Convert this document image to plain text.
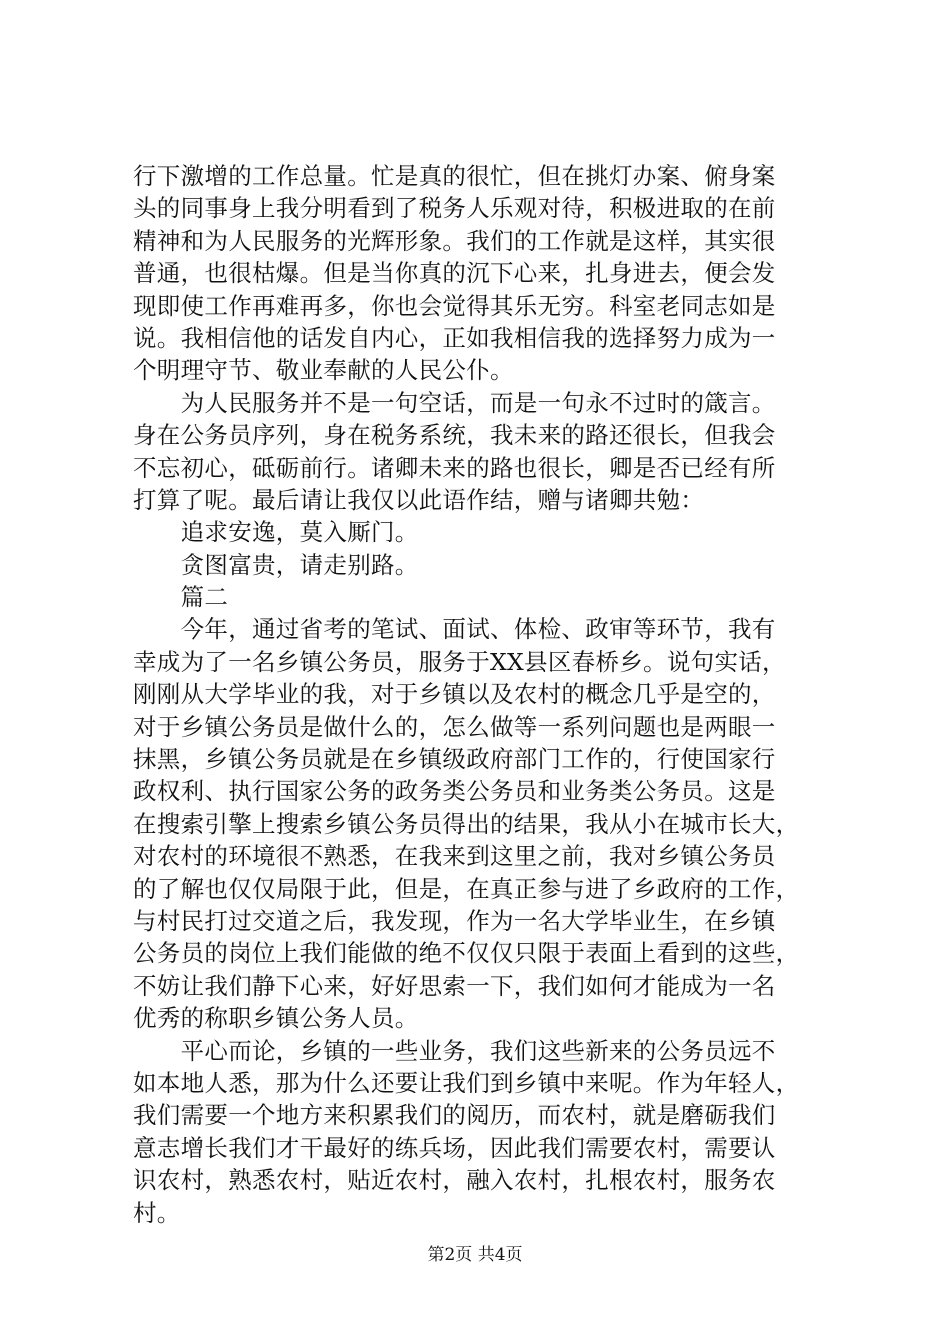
行下激增的工作总量。忙是真的很忙，但在挑灯办案、俯身案
头的同事身上我分明看到了税务人乐观对待，积极进取的在前
精神和为人民服务的光辉形象。我们的工作就是这样，其实很
普通，也很枯爆。但是当你真的沉下心来，扎身进去，便会发
现即使工作再难再多，你也会觉得其乐无穷。科室老同志如是
说。我相信他的话发自内心，正如我相信我的选择努力成为一
个明理守节、敬业奉献的人民公仆。
　　为人民服务并不是一句空话，而是一句永不过时的箴言。
身在公务员序列，身在税务系统，我未来的路还很长，但我会
不忘初心，砥砺前行。诸卿未来的路也很长，卿是否已经有所
打算了呢。最后请让我仅以此语作结，赠与诸卿共勉：
　　追求安逸，莫入厮门。
　　贪图富贵，请走别路。
　　篇二
　　今年，通过省考的笔试、面试、体检、政审等环节，我有
幸成为了一名乡镇公务员，服务于XX县区春桥乡。说句实话，
刚刚从大学毕业的我，对于乡镇以及农村的概念几乎是空的，
对于乡镇公务员是做什么的，怎么做等一系列问题也是两眼一
抹黑，乡镇公务员就是在乡镇级政府部门工作的，行使国家行
政权利、执行国家公务的政务类公务员和业务类公务员。这是
在搜索引擎上搜索乡镇公务员得出的结果，我从小在城市长大，
对农村的环境很不熟悉，在我来到这里之前，我对乡镇公务员
的了解也仅仅局限于此，但是，在真正参与进了乡政府的工作，
与村民打过交道之后，我发现，作为一名大学毕业生，在乡镇
公务员的岗位上我们能做的绝不仅仅只限于表面上看到的这些，
不妨让我们静下心来，好好思索一下，我们如何才能成为一名
优秀的称职乡镇公务人员。
　　平心而论，乡镇的一些业务，我们这些新来的公务员远不
如本地人悉，那为什么还要让我们到乡镇中来呢。作为年轻人，
我们需要一个地方来积累我们的阅历，而农村，就是磨砺我们
意志增长我们才干最好的练兵场，因此我们需要农村，需要认
识农村，熟悉农村，贴近农村，融入农村，扎根农村，服务农
村。
第2页 共4页
